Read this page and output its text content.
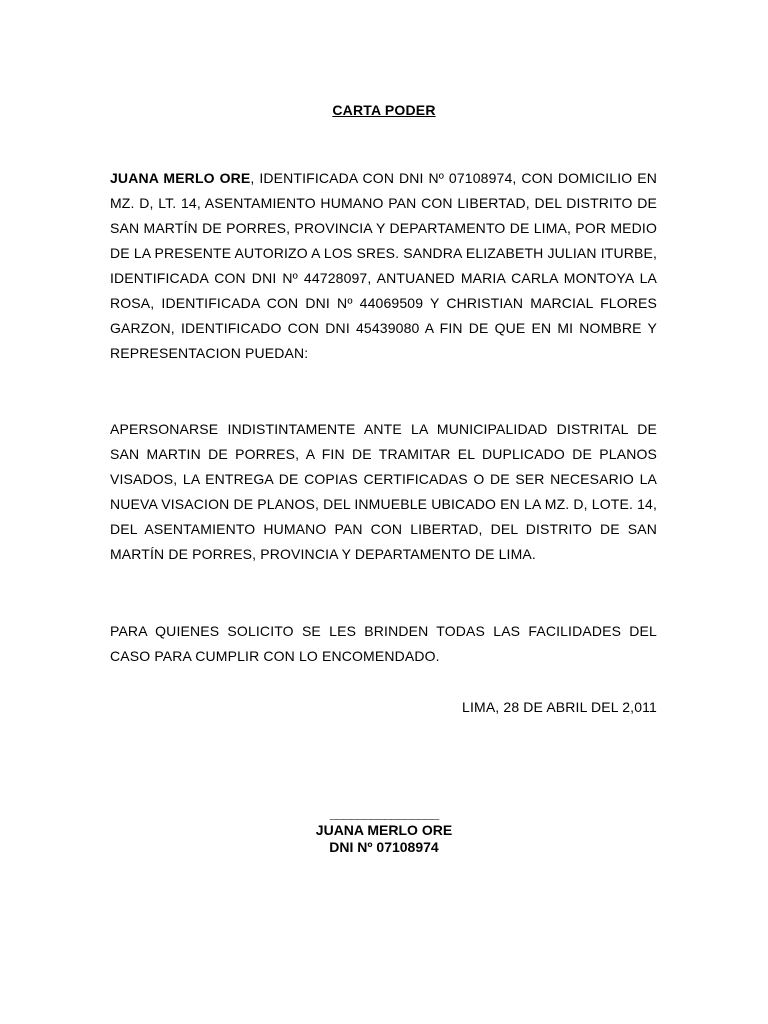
CARTA PODER

JUANA MERLO ORE, IDENTIFICADA CON DNI Nº 07108974, CON DOMICILIO EN MZ. D, LT. 14, ASENTAMIENTO HUMANO PAN CON LIBERTAD, DEL DISTRITO DE SAN MARTÍN DE PORRES, PROVINCIA Y DEPARTAMENTO DE LIMA, POR MEDIO DE LA PRESENTE AUTORIZO A LOS SRES. SANDRA ELIZABETH JULIAN ITURBE, IDENTIFICADA CON DNI Nº 44728097, ANTUANED MARIA CARLA MONTOYA LA ROSA, IDENTIFICADA CON DNI Nº 44069509 Y CHRISTIAN MARCIAL FLORES GARZON, IDENTIFICADO CON DNI 45439080 A FIN DE QUE EN MI NOMBRE Y REPRESENTACION PUEDAN:

APERSONARSE INDISTINTAMENTE ANTE LA MUNICIPALIDAD DISTRITAL DE SAN MARTIN DE PORRES, A FIN DE TRAMITAR EL DUPLICADO DE PLANOS VISADOS, LA ENTREGA DE COPIAS CERTIFICADAS O DE SER NECESARIO LA NUEVA VISACION DE PLANOS, DEL INMUEBLE UBICADO EN LA MZ. D, LOTE. 14, DEL ASENTAMIENTO HUMANO PAN CON LIBERTAD, DEL DISTRITO DE SAN MARTÍN DE PORRES, PROVINCIA Y DEPARTAMENTO DE LIMA.

PARA QUIENES SOLICITO SE LES BRINDEN TODAS LAS FACILIDADES DEL CASO PARA CUMPLIR CON LO ENCOMENDADO.

LIMA, 28 DE ABRIL DEL 2,011
________________
JUANA MERLO ORE
DNI Nº 07108974
